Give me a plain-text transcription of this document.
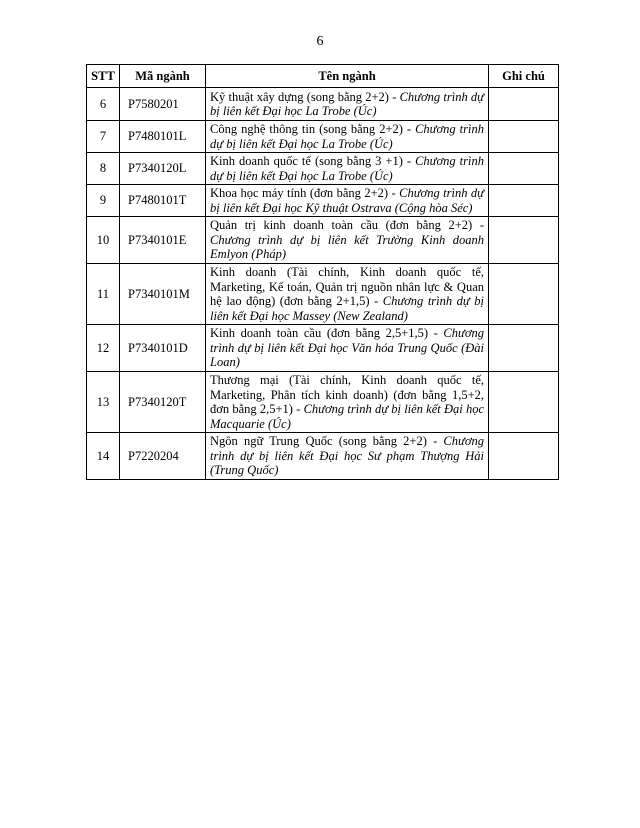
6
STT	Mã ngành	Tên ngành	Ghi chú
6	P7580201	Kỹ thuật xây dựng (song bằng 2+2) - Chương trình dự bị liên kết Đại học La Trobe (Úc)	
7	P7480101L	Công nghệ thông tin (song bằng 2+2) - Chương trình dự bị liên kết Đại học La Trobe (Úc)	
8	P7340120L	Kinh doanh quốc tế (song bằng 3 +1) - Chương trình dự bị liên kết Đại học La Trobe (Úc)	
9	P7480101T	Khoa học máy tính (đơn bằng 2+2) - Chương trình dự bị liên kết Đại học Kỹ thuật Ostrava (Cộng hòa Séc)	
10	P7340101E	Quản trị kinh doanh toàn cầu (đơn bằng 2+2) - Chương trình dự bị liên kết Trường Kinh doanh Emlyon (Pháp)	
11	P7340101M	Kinh doanh (Tài chính, Kinh doanh quốc tế, Marketing, Kế toán, Quản trị nguồn nhân lực & Quan hệ lao động) (đơn bằng 2+1,5) - Chương trình dự bị liên kết Đại học Massey (New Zealand)	
12	P7340101D	Kinh doanh toàn cầu (đơn bằng 2,5+1,5) - Chương trình dự bị liên kết Đại học Văn hóa Trung Quốc (Đài Loan)	
13	P7340120T	Thương mại (Tài chính, Kinh doanh quốc tế, Marketing, Phân tích kinh doanh) (đơn bằng 1,5+2, đơn bằng 2,5+1) - Chương trình dự bị liên kết Đại học Macquarie (Úc)	
14	P7220204	Ngôn ngữ Trung Quốc (song bằng 2+2) - Chương trình dự bị liên kết Đại học Sư phạm Thượng Hải (Trung Quốc)	
